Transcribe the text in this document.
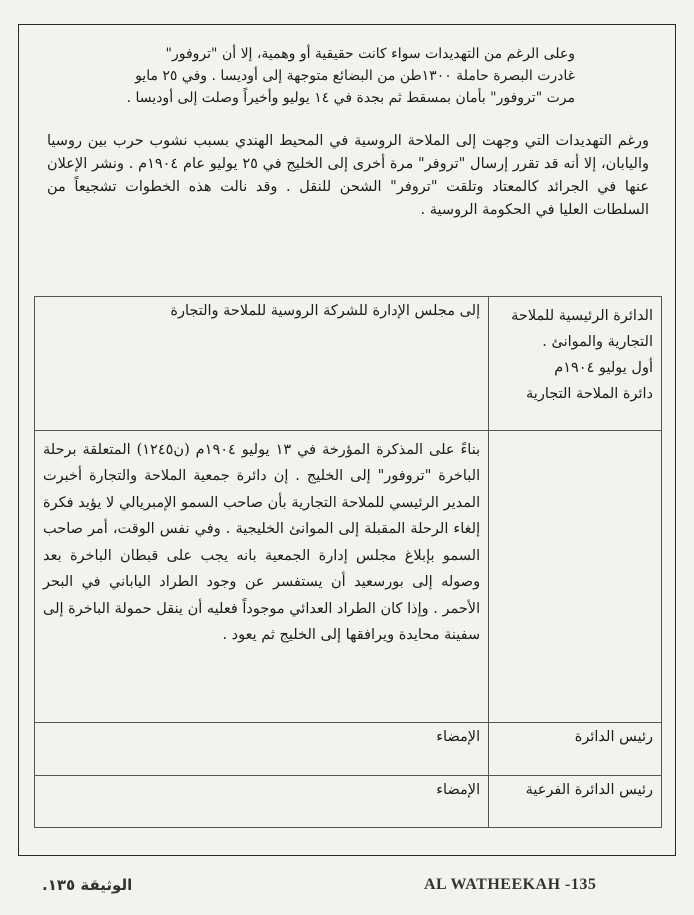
وعلى الرغم من التهديدات سواء كانت حقيقية أو وهمية، إلا أن "تروفور"
غادرت البصرة حاملة ١٣٠٠طن من البضائع متوجهة إلى أوديسا . وفي ٢٥ مايو
مرت "تروفور" بأمان بمسقط ثم بجدة في ١٤ يوليو وأخيراً وصلت إلى أوديسا .
ورغم التهديدات التي وجهت إلى الملاحة الروسية في المحيط الهندي بسبب نشوب حرب بين روسيا واليابان، إلا أنه قد تقرر إرسال "تروفر" مرة أخرى إلى الخليج في ٢٥ يوليو عام ١٩٠٤م . ونشر الإعلان عنها في الجرائد كالمعتاد وتلقت "تروفر" الشحن للنقل . وقد نالت هذه الخطوات تشجيعاً من السلطات العليا في الحكومة الروسية .
الدائرة الرئيسية للملاحة
التجارية والموانئ .
أول يوليو ١٩٠٤م
دائرة الملاحة التجارية	إلى مجلس الإدارة للشركة الروسية للملاحة والتجارة
	بناءً على المذكرة المؤرخة في ١٣ يوليو ١٩٠٤م (ن١٢٤٥) المتعلقة برحلة الباخرة "تروفور" إلى الخليج . إن دائرة جمعية الملاحة والتجارة أخبرت المدير الرئيسي للملاحة التجارية بأن صاحب السمو الإمبريالي لا يؤيد فكرة إلغاء الرحلة المقبلة إلى الموانئ الخليجية . وفي نفس الوقت، أمر صاحب السمو بإبلاغ مجلس إدارة الجمعية بانه يجب على قبطان الباخرة بعد وصوله إلى بورسعيد أن يستفسر عن وجود الطراد الياباني في البحر الأحمر . وإذا كان الطراد العدائي موجوداً فعليه أن ينقل حمولة الباخرة إلى سفينة محايدة ويرافقها إلى الخليج ثم يعود .
رئيس الدائرة	الإمضاء
رئيس الدائرة الفرعية	الإمضاء
الوثيقة ١٣٥.	AL WATHEEKAH -135
